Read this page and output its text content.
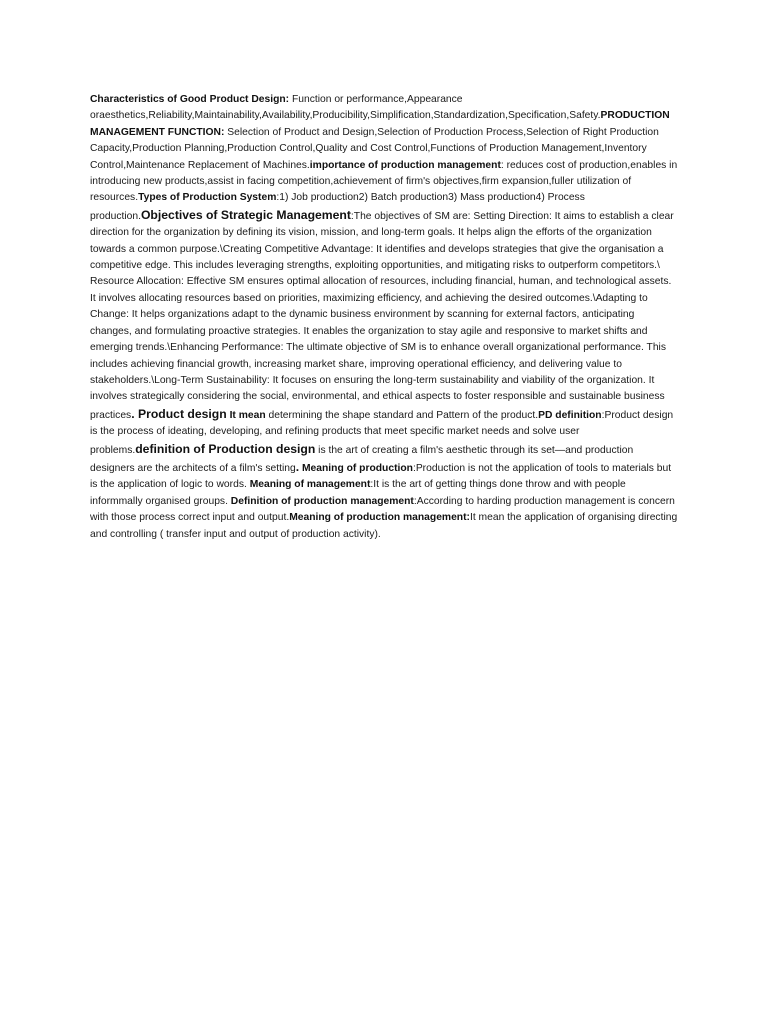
Characteristics of Good Product Design: Function or performance,Appearance oraesthetics,Reliability,Maintainability,Availability,Producibility,Simplification,Standardization,Specification,Safety.PRODUCTION MANAGEMENT FUNCTION: Selection of Product and Design,Selection of Production Process,Selection of Right Production Capacity,Production Planning,Production Control,Quality and Cost Control,Functions of Production Management,Inventory Control,Maintenance Replacement of Machines.importance of production management: reduces cost of production,enables in introducing new products,assist in facing competition,achievement of firm's objectives,firm expansion,fuller utilization of resources.Types of Production System:1) Job production2) Batch production3) Mass production4) Process production.Objectives of Strategic Management:The objectives of SM are: Setting Direction: It aims to establish a clear direction for the organization by defining its vision, mission, and long-term goals. It helps align the efforts of the organization towards a common purpose.\Creating Competitive Advantage: It identifies and develops strategies that give the organisation a competitive edge. This includes leveraging strengths, exploiting opportunities, and mitigating risks to outperform competitors.\ Resource Allocation: Effective SM ensures optimal allocation of resources, including financial, human, and technological assets. It involves allocating resources based on priorities, maximizing efficiency, and achieving the desired outcomes.\Adapting to Change: It helps organizations adapt to the dynamic business environment by scanning for external factors, anticipating changes, and formulating proactive strategies. It enables the organization to stay agile and responsive to market shifts and emerging trends.\Enhancing Performance: The ultimate objective of SM is to enhance overall organizational performance. This includes achieving financial growth, increasing market share, improving operational efficiency, and delivering value to stakeholders.\Long-Term Sustainability: It focuses on ensuring the long-term sustainability and viability of the organization. It involves strategically considering the social, environmental, and ethical aspects to foster responsible and sustainable business practices. Product design It mean determining the shape standard and Pattern of the product.PD definition:Product design is the process of ideating, developing, and refining products that meet specific market needs and solve user problems.definition of Production design is the art of creating a film's aesthetic through its set—and production designers are the architects of a film's setting. Meaning of production:Production is not the application of tools to materials but is the application of logic to words. Meaning of management:It is the art of getting things done throw and with people informmally organised groups. Definition of production management:According to harding production management is concern with those process correct input and output.Meaning of production management:It mean the application of organising directing and controlling ( transfer input and output of production activity).
